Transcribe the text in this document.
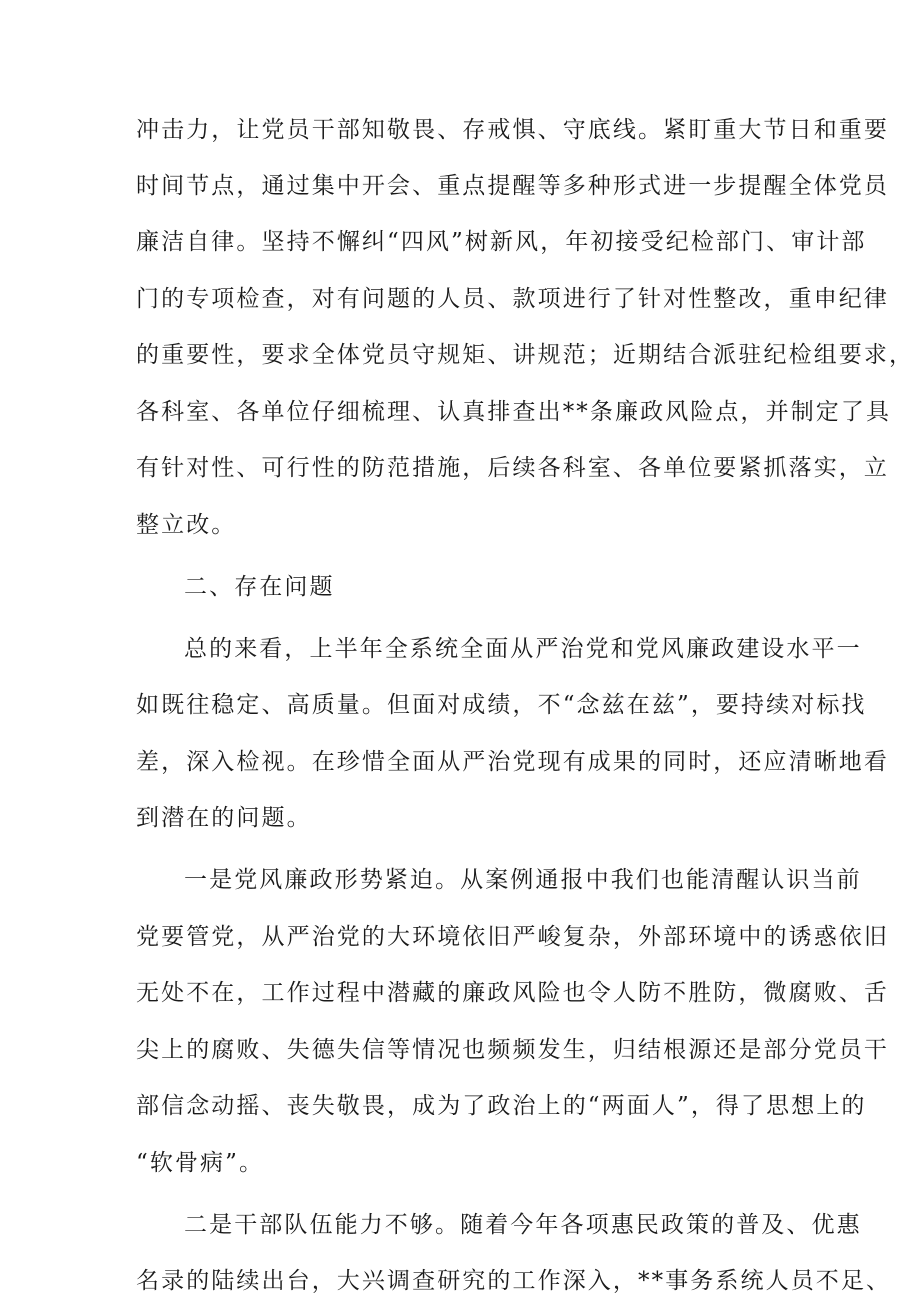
冲击力，让党员干部知敬畏、存戒惧、守底线。紧盯重大节日和重要

时间节点，通过集中开会、重点提醒等多种形式进一步提醒全体党员

廉洁自律。坚持不懈纠“四风”树新风，年初接受纪检部门、审计部

门的专项检查，对有问题的人员、款项进行了针对性整改，重申纪律

的重要性，要求全体党员守规矩、讲规范；近期结合派驻纪检组要求，

各科室、各单位仔细梳理、认真排查出**条廉政风险点，并制定了具

有针对性、可行性的防范措施，后续各科室、各单位要紧抓落实，立

整立改。

二、存在问题

总的来看，上半年全系统全面从严治党和党风廉政建设水平一

如既往稳定、高质量。但面对成绩，不“念兹在兹”，要持续对标找

差，深入检视。在珍惜全面从严治党现有成果的同时，还应清晰地看

到潜在的问题。

一是党风廉政形势紧迫。从案例通报中我们也能清醒认识当前

党要管党，从严治党的大环境依旧严峻复杂，外部环境中的诱惑依旧

无处不在，工作过程中潜藏的廉政风险也令人防不胜防，微腐败、舌

尖上的腐败、失德失信等情况也频频发生，归结根源还是部分党员干

部信念动摇、丧失敬畏，成为了政治上的“两面人”，得了思想上的

“软骨病”。

二是干部队伍能力不够。随着今年各项惠民政策的普及、优惠

名录的陆续出台，大兴调查研究的工作深入，**事务系统人员不足、
